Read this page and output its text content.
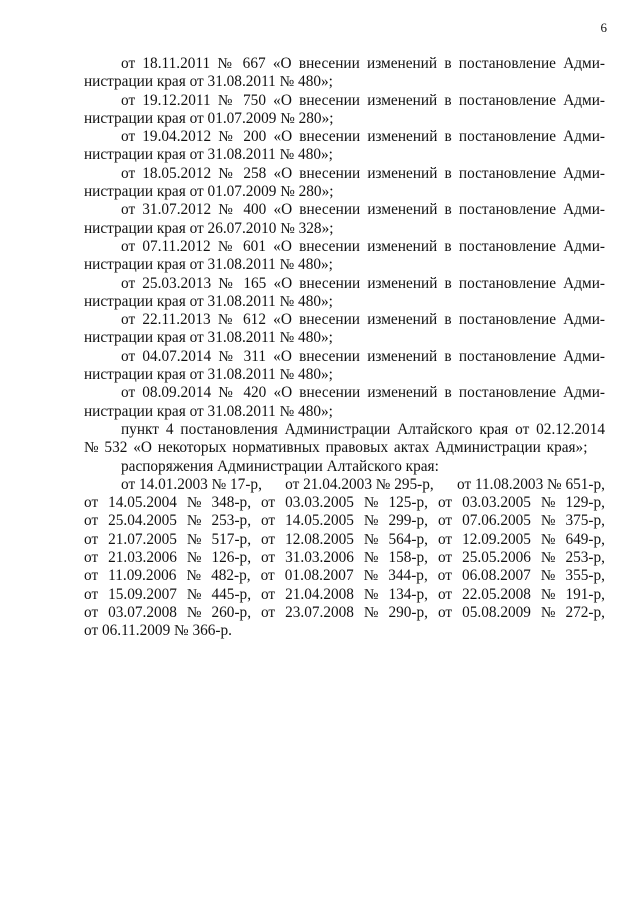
6

от 18.11.2011 № 667 «О внесении изменений в постановление Администрации края от 31.08.2011 № 480»;

от 19.12.2011 № 750 «О внесении изменений в постановление Администрации края от 01.07.2009 № 280»;

от 19.04.2012 № 200 «О внесении изменений в постановление Администрации края от 31.08.2011 № 480»;

от 18.05.2012 № 258 «О внесении изменений в постановление Администрации края от 01.07.2009 № 280»;

от 31.07.2012 № 400 «О внесении изменений в постановление Администрации края от 26.07.2010 № 328»;

от 07.11.2012 № 601 «О внесении изменений в постановление Администрации края от 31.08.2011 № 480»;

от 25.03.2013 № 165 «О внесении изменений в постановление Администрации края от 31.08.2011 № 480»;

от 22.11.2013 № 612 «О внесении изменений в постановление Администрации края от 31.08.2011 № 480»;

от 04.07.2014 № 311 «О внесении изменений в постановление Администрации края от 31.08.2011 № 480»;

от 08.09.2014 № 420 «О внесении изменений в постановление Администрации края от 31.08.2011 № 480»;

пункт 4 постановления Администрации Алтайского края от 02.12.2014 № 532 «О некоторых нормативных правовых актах Администрации края»;

распоряжения Администрации Алтайского края:

от 14.01.2003 № 17-р, от 21.04.2003 № 295-р, от 11.08.2003 № 651-р,
от 14.05.2004 № 348-р, от 03.03.2005 № 125-р, от 03.03.2005 № 129-р,
от 25.04.2005 № 253-р, от 14.05.2005 № 299-р, от 07.06.2005 № 375-р,
от 21.07.2005 № 517-р, от 12.08.2005 № 564-р, от 12.09.2005 № 649-р,
от 21.03.2006 № 126-р, от 31.03.2006 № 158-р, от 25.05.2006 № 253-р,
от 11.09.2006 № 482-р, от 01.08.2007 № 344-р, от 06.08.2007 № 355-р,
от 15.09.2007 № 445-р, от 21.04.2008 № 134-р, от 22.05.2008 № 191-р,
от 03.07.2008 № 260-р, от 23.07.2008 № 290-р, от 05.08.2009 № 272-р,
от 06.11.2009 № 366-р.
